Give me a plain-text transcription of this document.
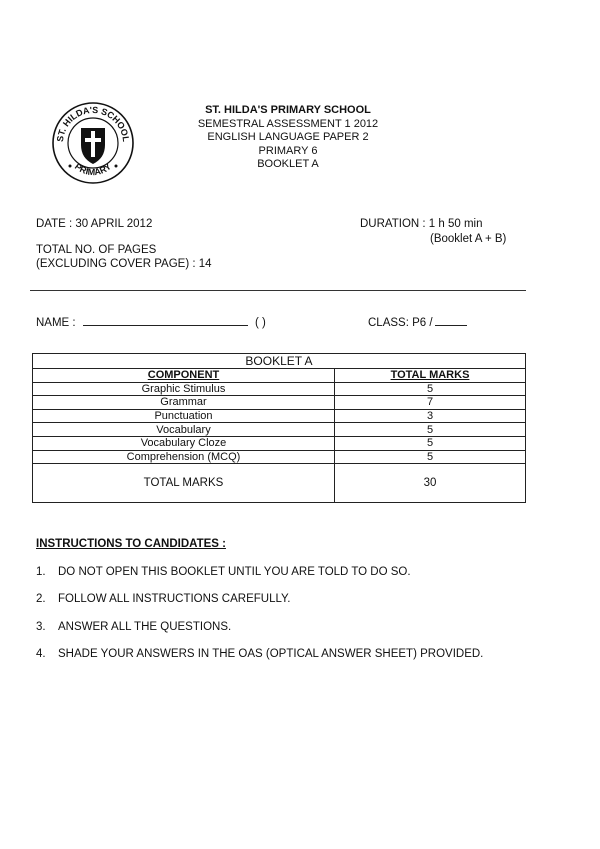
ST. HILDA'S SCHOOL
PRIMARY
ST. HILDA'S PRIMARY SCHOOL
SEMESTRAL ASSESSMENT 1 2012
ENGLISH LANGUAGE PAPER 2
PRIMARY 6
BOOKLET A
DATE : 30 APRIL 2012	DURATION : 1 h 50 min
(Booklet A + B)
TOTAL NO. OF PAGES
(EXCLUDING COVER PAGE) : 14
NAME :	( )	CLASS: P6 /
BOOKLET A	
COMPONENT	TOTAL MARKS
Graphic Stimulus	5
Grammar	7
Punctuation	3
Vocabulary	5
Vocabulary Cloze	5
Comprehension (MCQ)	5
TOTAL MARKS	30
INSTRUCTIONS TO CANDIDATES :
1. DO NOT OPEN THIS BOOKLET UNTIL YOU ARE TOLD TO DO SO.
2. FOLLOW ALL INSTRUCTIONS CAREFULLY.
3. ANSWER ALL THE QUESTIONS.
4. SHADE YOUR ANSWERS IN THE OAS (OPTICAL ANSWER SHEET) PROVIDED.
